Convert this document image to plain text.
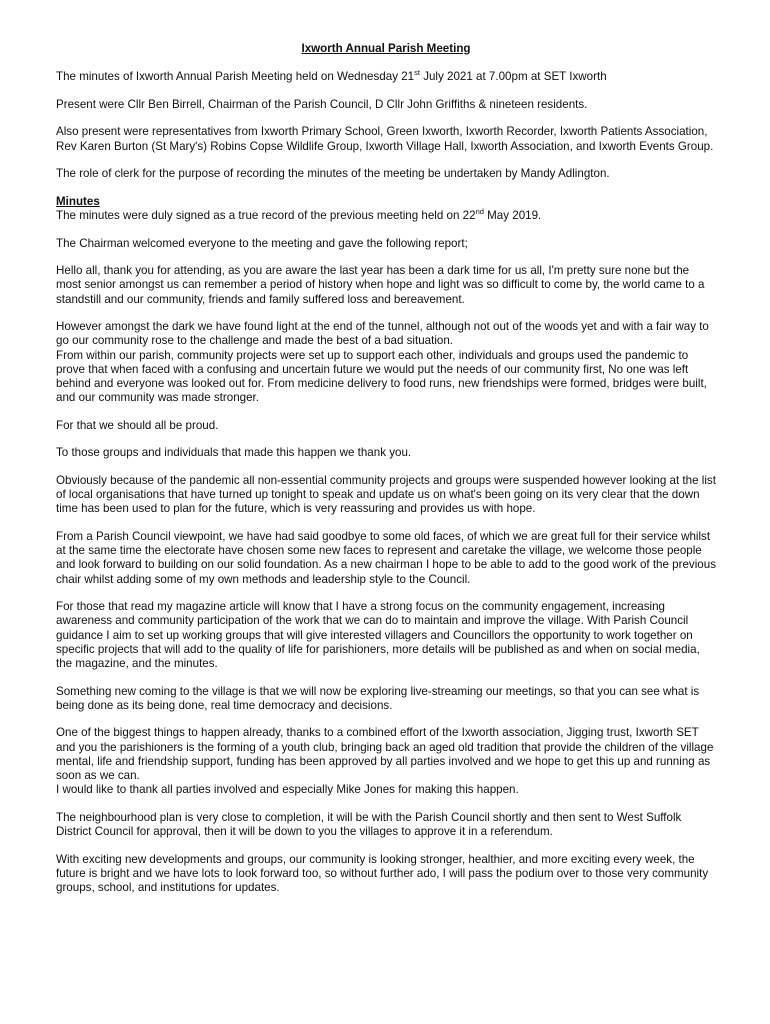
Ixworth Annual Parish Meeting

The minutes of Ixworth Annual Parish Meeting held on Wednesday 21st July 2021 at 7.00pm at SET Ixworth

Present were Cllr Ben Birrell, Chairman of the Parish Council, D Cllr John Griffiths & nineteen residents.

Also present were representatives from Ixworth Primary School, Green Ixworth, Ixworth Recorder, Ixworth Patients Association, Rev Karen Burton (St Mary's) Robins Copse Wildlife Group, Ixworth Village Hall, Ixworth Association, and Ixworth Events Group.

The role of clerk for the purpose of recording the minutes of the meeting be undertaken by Mandy Adlington.

Minutes

The minutes were duly signed as a true record of the previous meeting held on 22nd May 2019.

The Chairman welcomed everyone to the meeting and gave the following report;

Hello all, thank you for attending, as you are aware the last year has been a dark time for us all, I'm pretty sure none but the most senior amongst us can remember a period of history when hope and light was so difficult to come by, the world came to a standstill and our community, friends and family suffered loss and bereavement.

However amongst the dark we have found light at the end of the tunnel, although not out of the woods yet and with a fair way to go our community rose to the challenge and made the best of a bad situation.

From within our parish, community projects were set up to support each other, individuals and groups used the pandemic to prove that when faced with a confusing and uncertain future we would put the needs of our community first, No one was left behind and everyone was looked out for. From medicine delivery to food runs, new friendships were formed, bridges were built, and our community was made stronger.

For that we should all be proud.

To those groups and individuals that made this happen we thank you.

Obviously because of the pandemic all non-essential community projects and groups were suspended however looking at the list of local organisations that have turned up tonight to speak and update us on what's been going on its very clear that the down time has been used to plan for the future, which is very reassuring and provides us with hope.

From a Parish Council viewpoint, we have had said goodbye to some old faces, of which we are great full for their service whilst at the same time the electorate have chosen some new faces to represent and caretake the village, we welcome those people and look forward to building on our solid foundation. As a new chairman I hope to be able to add to the good work of the previous chair whilst adding some of my own methods and leadership style to the Council.

For those that read my magazine article will know that I have a strong focus on the community engagement, increasing awareness and community participation of the work that we can do to maintain and improve the village. With Parish Council guidance I aim to set up working groups that will give interested villagers and Councillors the opportunity to work together on specific projects that will add to the quality of life for parishioners, more details will be published as and when on social media, the magazine, and the minutes.

Something new coming to the village is that we will now be exploring live-streaming our meetings, so that you can see what is being done as its being done, real time democracy and decisions.

One of the biggest things to happen already, thanks to a combined effort of the Ixworth association, Jigging trust, Ixworth SET and you the parishioners is the forming of a youth club, bringing back an aged old tradition that provide the children of the village mental, life and friendship support, funding has been approved by all parties involved and we hope to get this up and running as soon as we can.

I would like to thank all parties involved and especially Mike Jones for making this happen.

The neighbourhood plan is very close to completion, it will be with the Parish Council shortly and then sent to West Suffolk District Council for approval, then it will be down to you the villages to approve it in a referendum.

With exciting new developments and groups, our community is looking stronger, healthier, and more exciting every week, the future is bright and we have lots to look forward too, so without further ado, I will pass the podium over to those very community groups, school, and institutions for updates.
